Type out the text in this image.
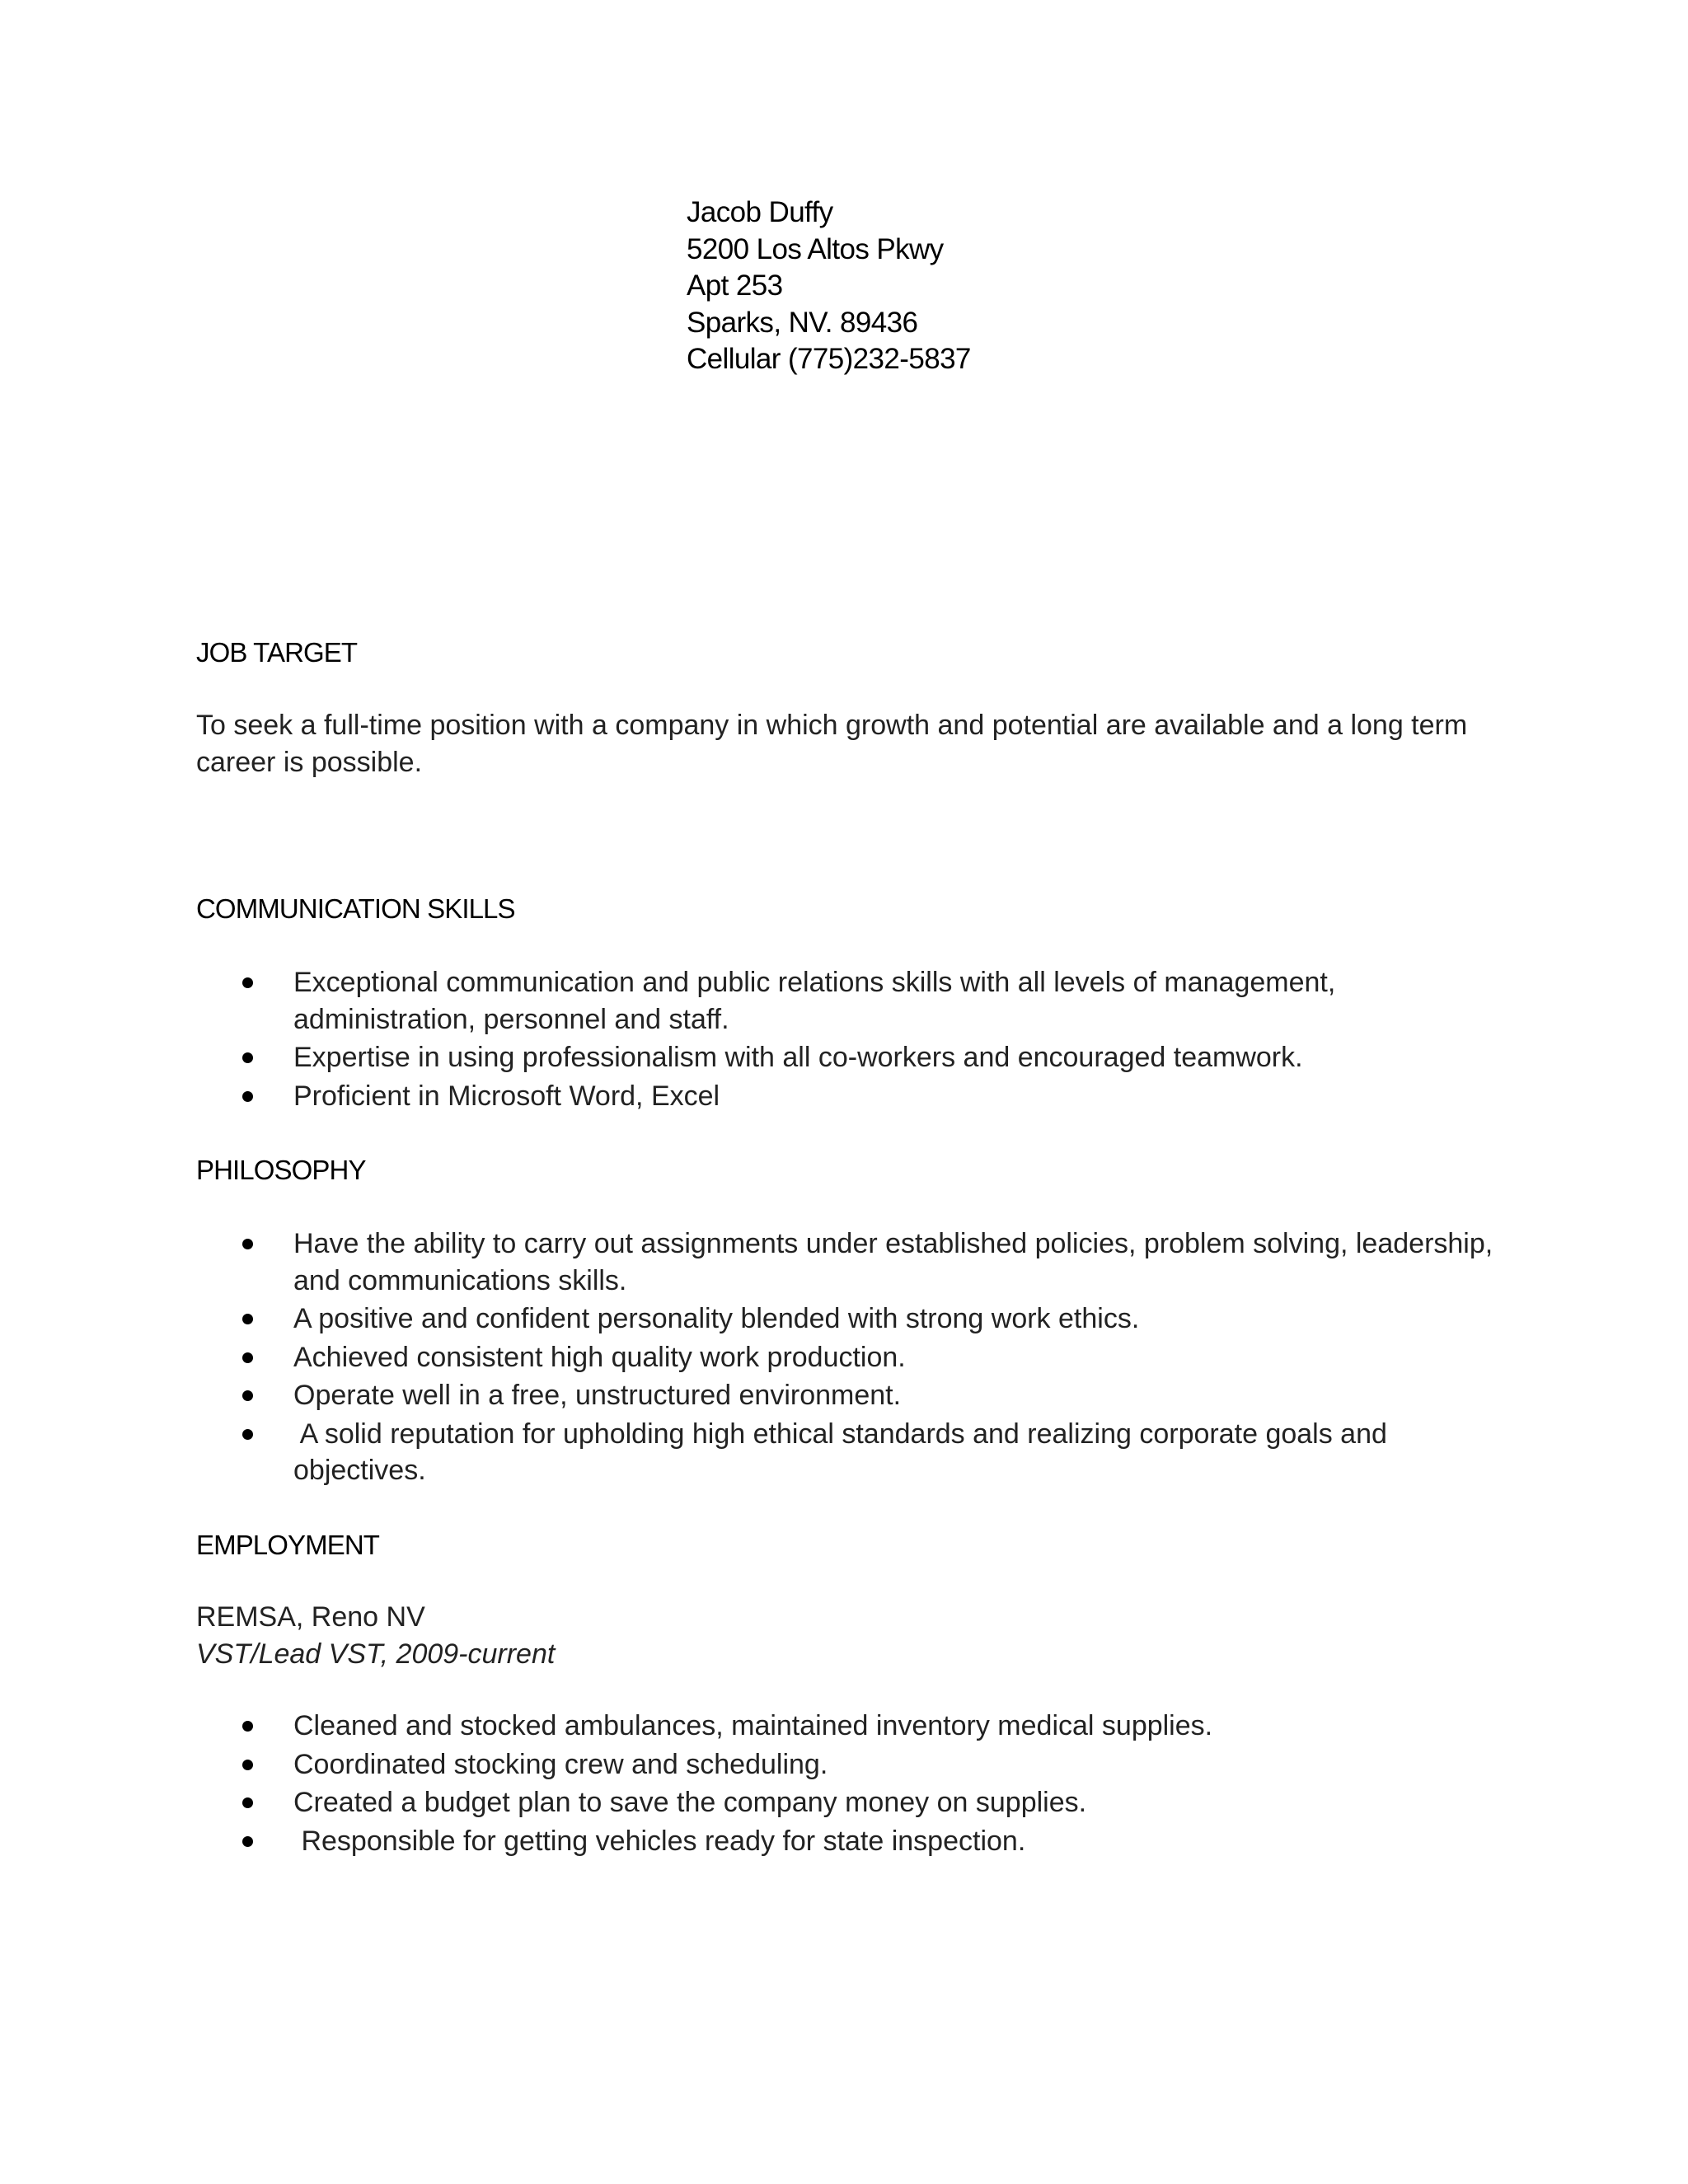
Jacob Duffy
5200 Los Altos Pkwy
Apt 253
Sparks, NV. 89436
Cellular (775)232-5837
JOB TARGET
To seek a full-time position with a company in which growth and potential are available and a long term
career is possible.
COMMUNICATION SKILLS
Exceptional communication and public relations skills with all levels of management,
administration, personnel and staff.
Expertise in using professionalism with all co-workers and encouraged teamwork.
Proficient in Microsoft Word, Excel
PHILOSOPHY
Have the ability to carry out assignments under established policies, problem solving, leadership,
and communications skills.
A positive and confident personality blended with strong work ethics.
Achieved consistent high quality work production.
Operate well in a free, unstructured environment.
A solid reputation for upholding high ethical standards and realizing corporate goals and
objectives.
EMPLOYMENT
REMSA, Reno NV
VST/Lead VST, 2009-current
Cleaned and stocked ambulances, maintained inventory medical supplies.
Coordinated stocking crew and scheduling.
Created a budget plan to save the company money on supplies.
Responsible for getting vehicles ready for state inspection.
